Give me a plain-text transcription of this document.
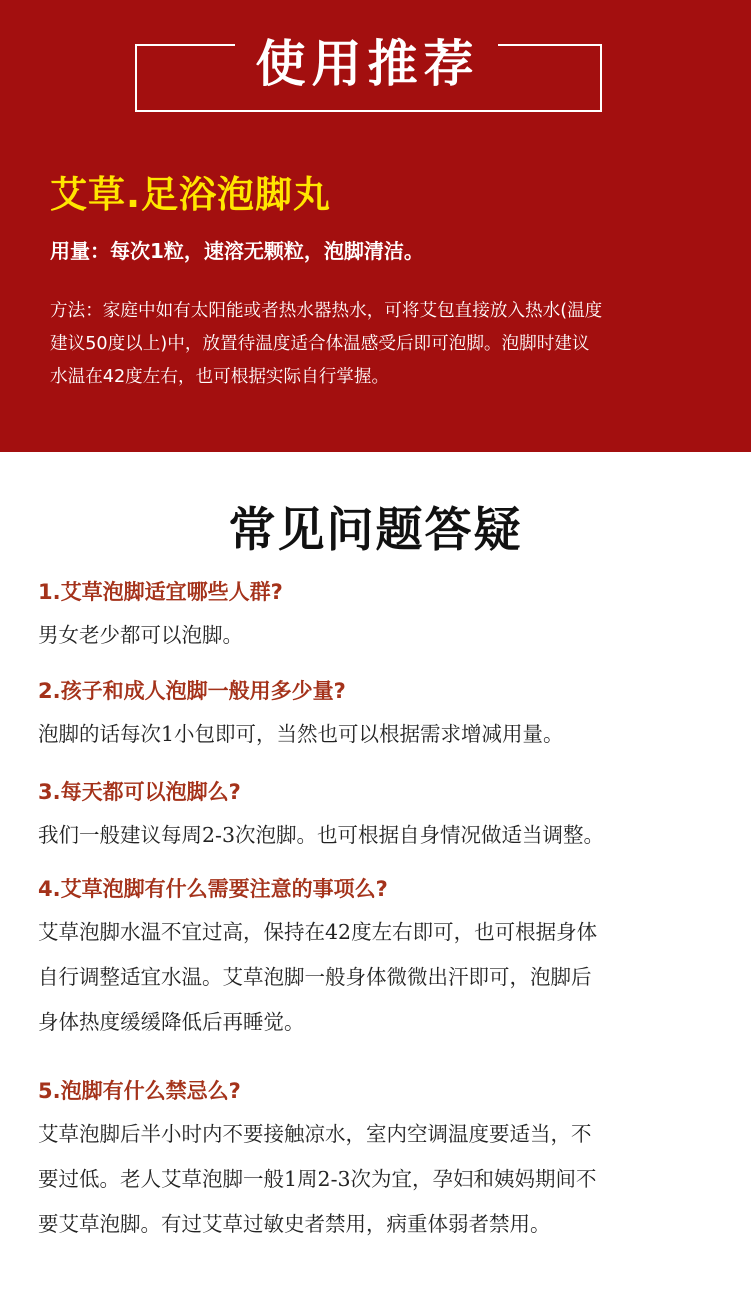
使用推荐
艾草.足浴泡脚丸
用量：每次1粒，速溶无颗粒，泡脚清洁。
方法：家庭中如有太阳能或者热水器热水，可将艾包直接放入热水(温度
建议50度以上)中，放置待温度适合体温感受后即可泡脚。泡脚时建议
水温在42度左右，也可根据实际自行掌握。
常见问题答疑
1.艾草泡脚适宜哪些人群?
男女老少都可以泡脚。
2.孩子和成人泡脚一般用多少量?
泡脚的话每次1小包即可，当然也可以根据需求增减用量。
3.每天都可以泡脚么?
我们一般建议每周2-3次泡脚。也可根据自身情况做适当调整。
4.艾草泡脚有什么需要注意的事项么?
艾草泡脚水温不宜过高，保持在42度左右即可，也可根据身体
自行调整适宜水温。艾草泡脚一般身体微微出汗即可，泡脚后
身体热度缓缓降低后再睡觉。
5.泡脚有什么禁忌么?
艾草泡脚后半小时内不要接触凉水，室内空调温度要适当，不
要过低。老人艾草泡脚一般1周2-3次为宜，孕妇和姨妈期间不
要艾草泡脚。有过艾草过敏史者禁用，病重体弱者禁用。
